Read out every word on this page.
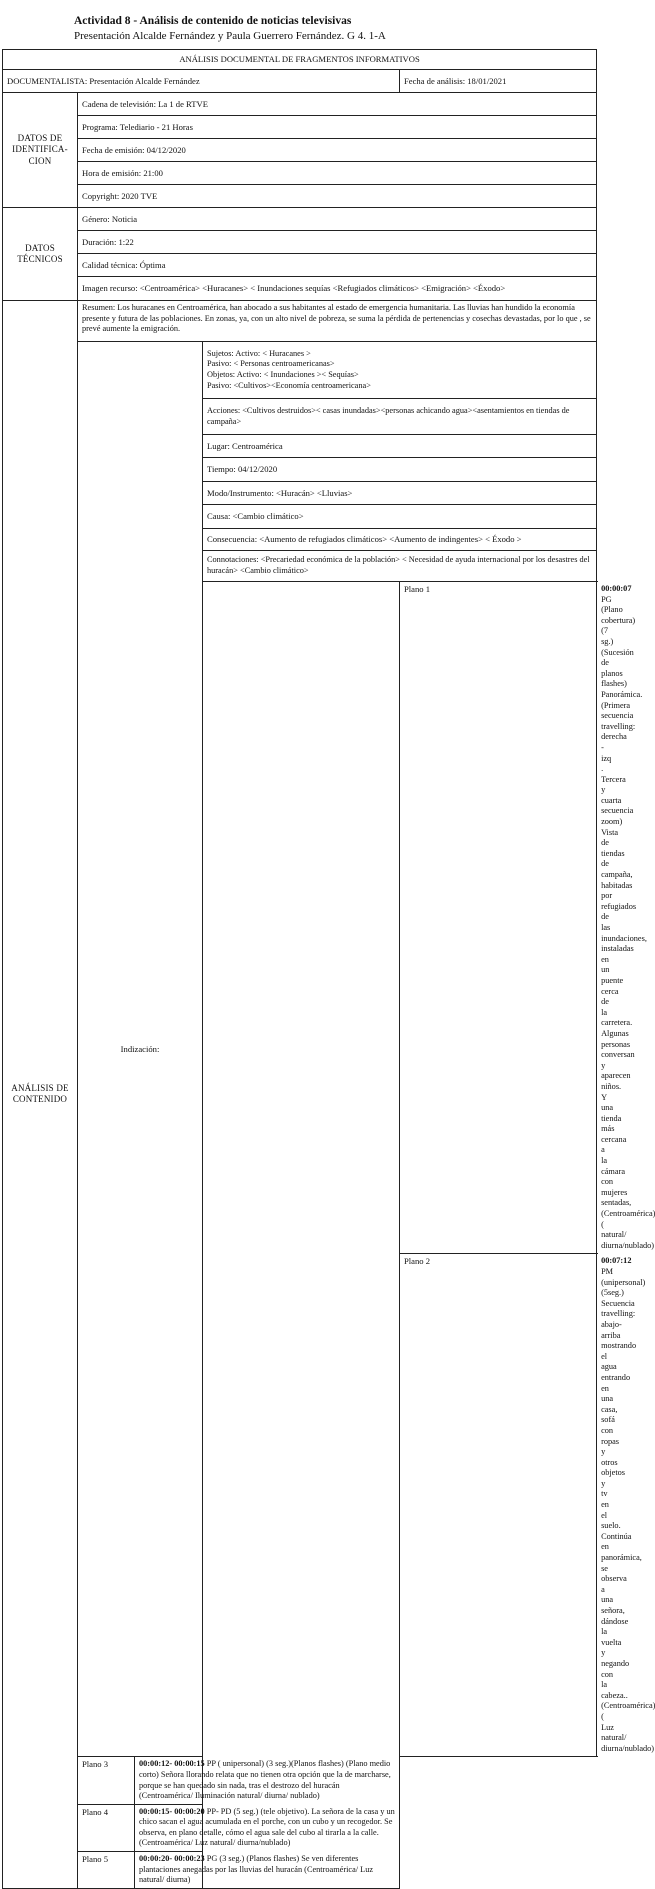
Actividad 8 - Análisis de contenido de noticias televisivas
Presentación Alcalde Fernández y Paula Guerrero Fernández. G 4. 1-A
ANÁLISIS DOCUMENTAL DE FRAGMENTOS INFORMATIVOS					
DOCUMENTALISTA: Presentación Alcalde Fernández				Fecha de análisis: 18/01/2021	
DATOS DE IDENTIFICA-CION	Cadena de televisión: La 1 de RTVE				
	Programa: Telediario - 21 Horas				
	Fecha de emisión: 04/12/2020				
	Hora de emisión: 21:00				
	Copyright: 2020 TVE				
DATOS TÉCNICOS	Género: Noticia				
	Duración: 1:22				
	Calidad técnica: Óptima				
	Imagen recurso: <Centroamérica> <Huracanes> < Inundaciones sequías <Refugiados climáticos> <Emigración> <Éxodo>				
ANÁLISIS DE CONTENIDO	Resumen: Los huracanes en Centroamérica, han abocado a sus habitantes al estado de emergencia humanitaria. Las lluvias han hundido la economía presente y futura de las poblaciones. En zonas, ya, con un alto nivel de pobreza, se suma la pérdida de pertenencias y cosechas devastadas, por lo que , se prevé aumente la emigración.				
	Indización:		Sujetos: Activo: < Huracanes >
Pasivo: < Personas centroamericanas>
Objetos: Activo: < Inundaciones >< Sequías>
Pasivo: <Cultivos><Economía centroamericana>		
			Acciones: <Cultivos destruidos>< casas inundadas><personas achicando agua><asentamientos en tiendas de campaña>		
			Lugar: Centroamérica		
			Tiempo: 04/12/2020		
			Modo/Instrumento: <Huracán> <Lluvias>		
			Causa: <Cambio climático>		
			Consecuencia: <Aumento de refugiados climáticos> <Aumento de indingentes> < Éxodo >		
			Connotaciones: <Precariedad económica de la población> < Necesidad de ayuda internacional por los desastres del huracán> <Cambio climático>		
				Plano 1	00:00:07 PG (Plano cobertura) (7 sg.) (Sucesión de planos flashes) Panorámica. (Primera secuencia travelling: derecha - izq . Tercera y cuarta secuencia zoom) Vista de tiendas de campaña, habitadas por refugiados de las inundaciones, instaladas en un puente cerca de la carretera. Algunas personas conversan y aparecen niños. Y una tienda más cercana a la cámara con mujeres sentadas, (Centroamérica) ( natural/ diurna/nublado)
				Plano 2	00:07:12 PM (unipersonal) (5seg.) Secuencia travelling: abajo-arriba mostrando el agua entrando en una casa, sofá con ropas y otros objetos y tv en el suelo. Continúa en panorámica, se observa a una señora, dándose la vuelta y negando con la cabeza.. (Centroamérica) ( Luz natural/ diurna/nublado)
	Plano 3	00:00:12- 00:00:15 PP ( unipersonal) (3 seg.)(Planos flashes) (Plano medio corto) Señora llorando relata que no tienen otra opción que la de marcharse, porque se han quedado sin nada, tras el destrozo del huracán (Centroamérica/ Iluminación natural/ diurna/ nublado)			
	Plano 4	00:00:15- 00:00:20 PP- PD (5 seg.) (tele objetivo). La señora de la casa y un chico sacan el agua acumulada en el porche, con un cubo y un recogedor. Se observa, en plano detalle, cómo el agua sale del cubo al tirarla a la calle. (Centroamérica/ Luz natural/ diurna/nublado)			
	Plano 5	00:00:20- 00:00:23 PG (3 seg.) (Planos flashes) Se ven diferentes plantaciones anegadas por las lluvias del huracán (Centroamérica/ Luz natural/ diurna)			
